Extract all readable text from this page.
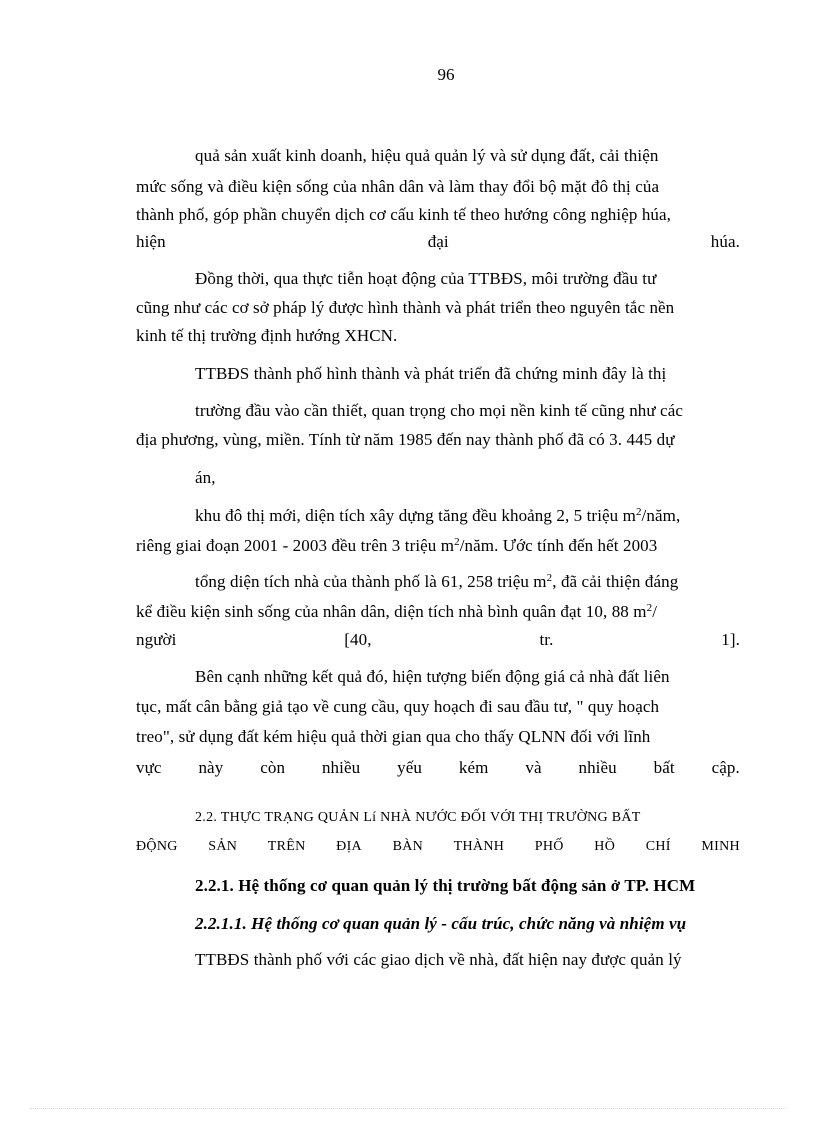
96
quả sản xuất kinh doanh, hiệu quả quản lý và sử dụng đất, cải thiện
mức sống và điều kiện sống của nhân dân và làm thay đổi bộ mặt đô thị của
thành phố, góp phần chuyển dịch cơ cấu kinh tế theo hướng công nghiệp húa,
hiện	đại	húa.
Đồng thời, qua thực tiễn hoạt động của TTBĐS, môi trường đầu tư
cũng như các cơ sở pháp lý được hình thành và phát triển theo nguyên tắc nền
kinh tế thị trường định hướng XHCN.
TTBĐS thành phố hình thành và phát triển đã chứng minh đây là thị
trường đầu vào cần thiết, quan trọng cho mọi nền kinh tế cũng như các
địa phương, vùng, miền. Tính từ năm 1985 đến nay thành phố đã có 3. 445 dự
án,
khu đô thị mới, diện tích xây dựng tăng đều khoảng 2, 5 triệu $m^2$/năm,
riêng giai đoạn 2001 - 2003 đều trên 3 triệu $m^2$/năm. Ước tính đến hết 2003
tổng diện tích nhà của thành phố là 61, 258 triệu $m^2$, đã cải thiện đáng
kể điều kiện sinh sống của nhân dân, diện tích nhà bình quân đạt 10, 88 $m^2/$
người	[40,	tr.	1].
Bên cạnh những kết quả đó, hiện tượng biến động giá cả nhà đất liên
tục, mất cân bằng giả tạo về cung cầu, quy hoạch đi sau đầu tư, " quy hoạch
treo", sử dụng đất kém hiệu quả thời gian qua cho thấy QLNN đối với lĩnh
vực này còn nhiều yếu kém và nhiều bất cập.
2.2. THỰC TRẠNG QUẢN Lí NHÀ NƯỚC ĐỐI VỚI THỊ TRƯỜNG BẤT
ĐỘNG SẢN TRÊN ĐỊA BÀN THÀNH PHỐ HỒ CHÍ MINH
2.2.1. Hệ thống cơ quan quản lý thị trường bất động sản ở TP. HCM
2.2.1.1. Hệ thống cơ quan quản lý - cấu trúc, chức năng và nhiệm vụ
TTBĐS thành phố với các giao dịch về nhà, đất hiện nay được quản lý
